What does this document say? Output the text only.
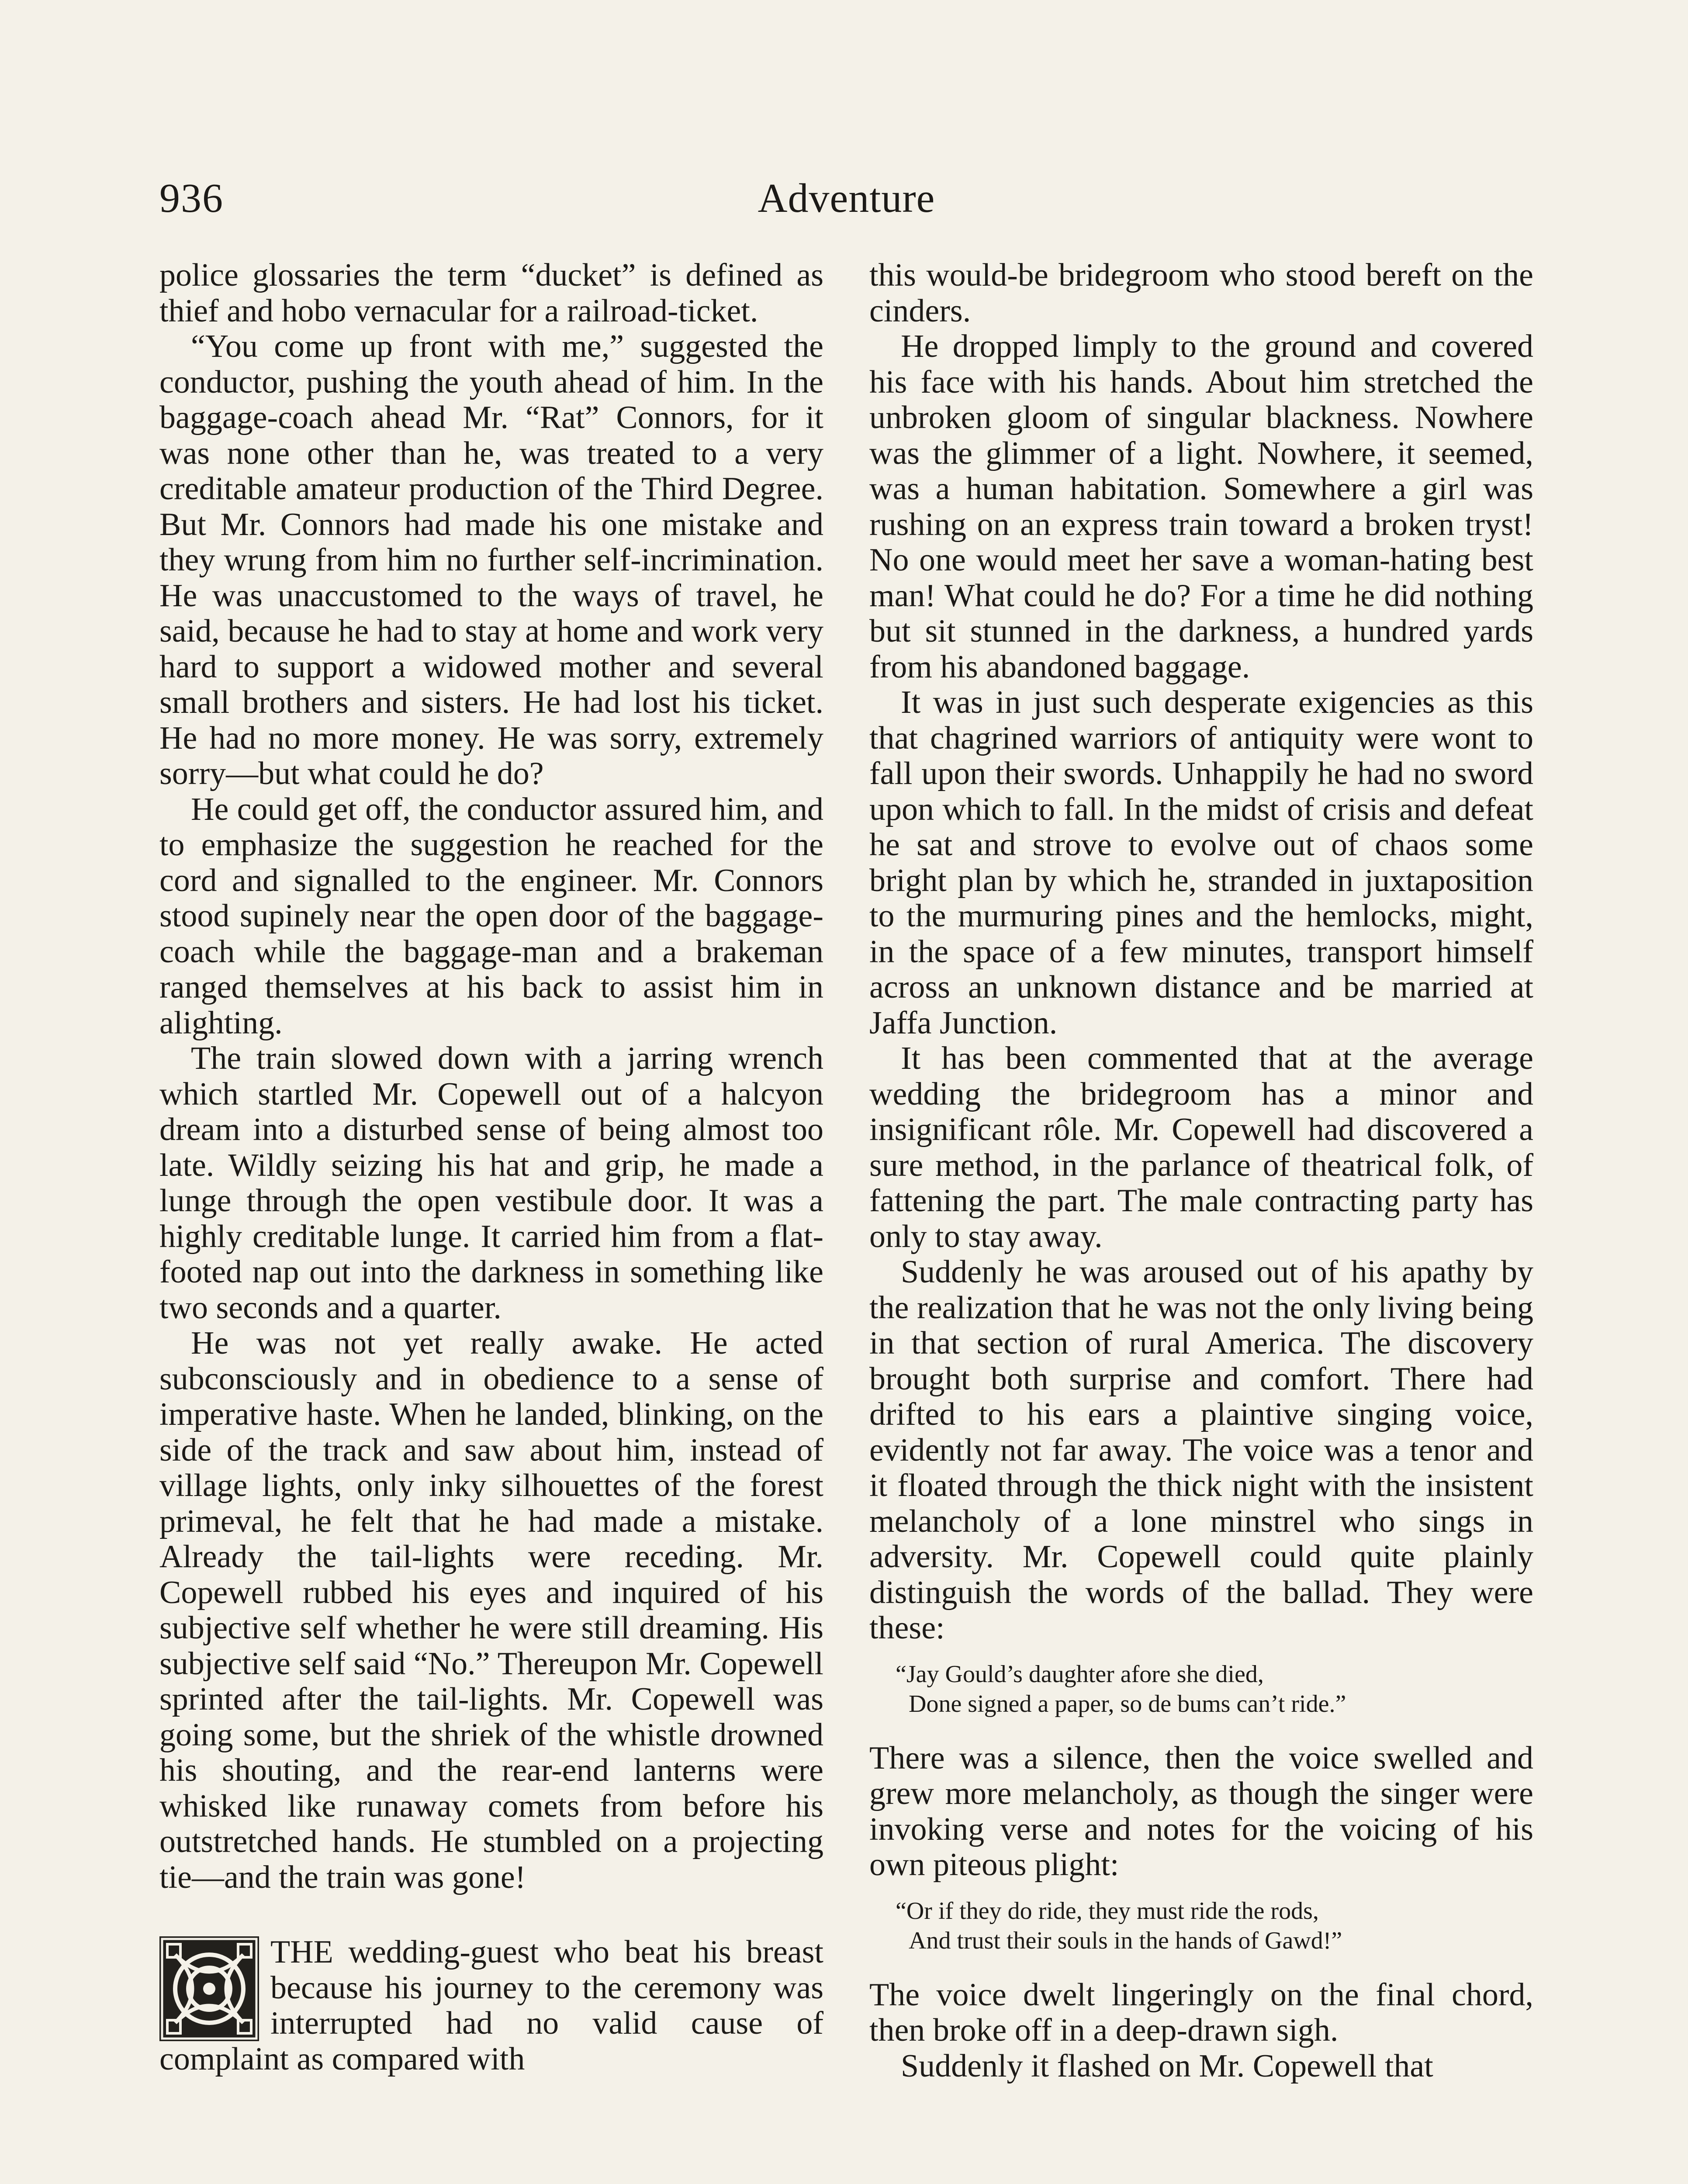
936	Adventure

police glossaries the term “ducket” is defined as thief and hobo vernacular for a railroad-ticket.

“You come up front with me,” suggested the conductor, pushing the youth ahead of him. In the baggage-coach ahead Mr. “Rat” Connors, for it was none other than he, was treated to a very creditable amateur production of the Third Degree. But Mr. Connors had made his one mistake and they wrung from him no further self-incrimination. He was unaccustomed to the ways of travel, he said, because he had to stay at home and work very hard to support a widowed mother and several small brothers and sisters. He had lost his ticket. He had no more money. He was sorry, extremely sorry—but what could he do?

He could get off, the conductor assured him, and to emphasize the suggestion he reached for the cord and signalled to the engineer. Mr. Connors stood supinely near the open door of the baggage-coach while the baggage-man and a brakeman ranged themselves at his back to assist him in alighting.

The train slowed down with a jarring wrench which startled Mr. Copewell out of a halcyon dream into a disturbed sense of being almost too late. Wildly seizing his hat and grip, he made a lunge through the open vestibule door. It was a highly creditable lunge. It carried him from a flat-footed nap out into the darkness in something like two seconds and a quarter.

He was not yet really awake. He acted subconsciously and in obedience to a sense of imperative haste. When he landed, blinking, on the side of the track and saw about him, instead of village lights, only inky silhouettes of the forest primeval, he felt that he had made a mistake. Already the tail-lights were receding. Mr. Copewell rubbed his eyes and inquired of his subjective self whether he were still dreaming. His subjective self said “No.” Thereupon Mr. Copewell sprinted after the tail-lights. Mr. Copewell was going some, but the shriek of the whistle drowned his shouting, and the rear-end lanterns were whisked like runaway comets from before his outstretched hands. He stumbled on a projecting tie—and the train was gone!

THE wedding-guest who beat his breast because his journey to the ceremony was interrupted had no valid cause of complaint as compared with

this would-be bridegroom who stood bereft on the cinders.

He dropped limply to the ground and covered his face with his hands. About him stretched the unbroken gloom of singular blackness. Nowhere was the glimmer of a light. Nowhere, it seemed, was a human habitation. Somewhere a girl was rushing on an express train toward a broken tryst! No one would meet her save a woman-hating best man! What could he do? For a time he did nothing but sit stunned in the darkness, a hundred yards from his abandoned baggage.

It was in just such desperate exigencies as this that chagrined warriors of antiquity were wont to fall upon their swords. Unhappily he had no sword upon which to fall. In the midst of crisis and defeat he sat and strove to evolve out of chaos some bright plan by which he, stranded in juxtaposition to the murmuring pines and the hemlocks, might, in the space of a few minutes, transport himself across an unknown distance and be married at Jaffa Junction.

It has been commented that at the average wedding the bridegroom has a minor and insignificant rôle. Mr. Copewell had discovered a sure method, in the parlance of theatrical folk, of fattening the part. The male contracting party has only to stay away.

Suddenly he was aroused out of his apathy by the realization that he was not the only living being in that section of rural America. The discovery brought both surprise and comfort. There had drifted to his ears a plaintive singing voice, evidently not far away. The voice was a tenor and it floated through the thick night with the insistent melancholy of a lone minstrel who sings in adversity. Mr. Copewell could quite plainly distinguish the words of the ballad. They were these:

“Jay Gould’s daughter afore she died,
Done signed a paper, so de bums can’t ride.”

There was a silence, then the voice swelled and grew more melancholy, as though the singer were invoking verse and notes for the voicing of his own piteous plight:

“Or if they do ride, they must ride the rods,
And trust their souls in the hands of Gawd!”

The voice dwelt lingeringly on the final chord, then broke off in a deep-drawn sigh.

Suddenly it flashed on Mr. Copewell that
